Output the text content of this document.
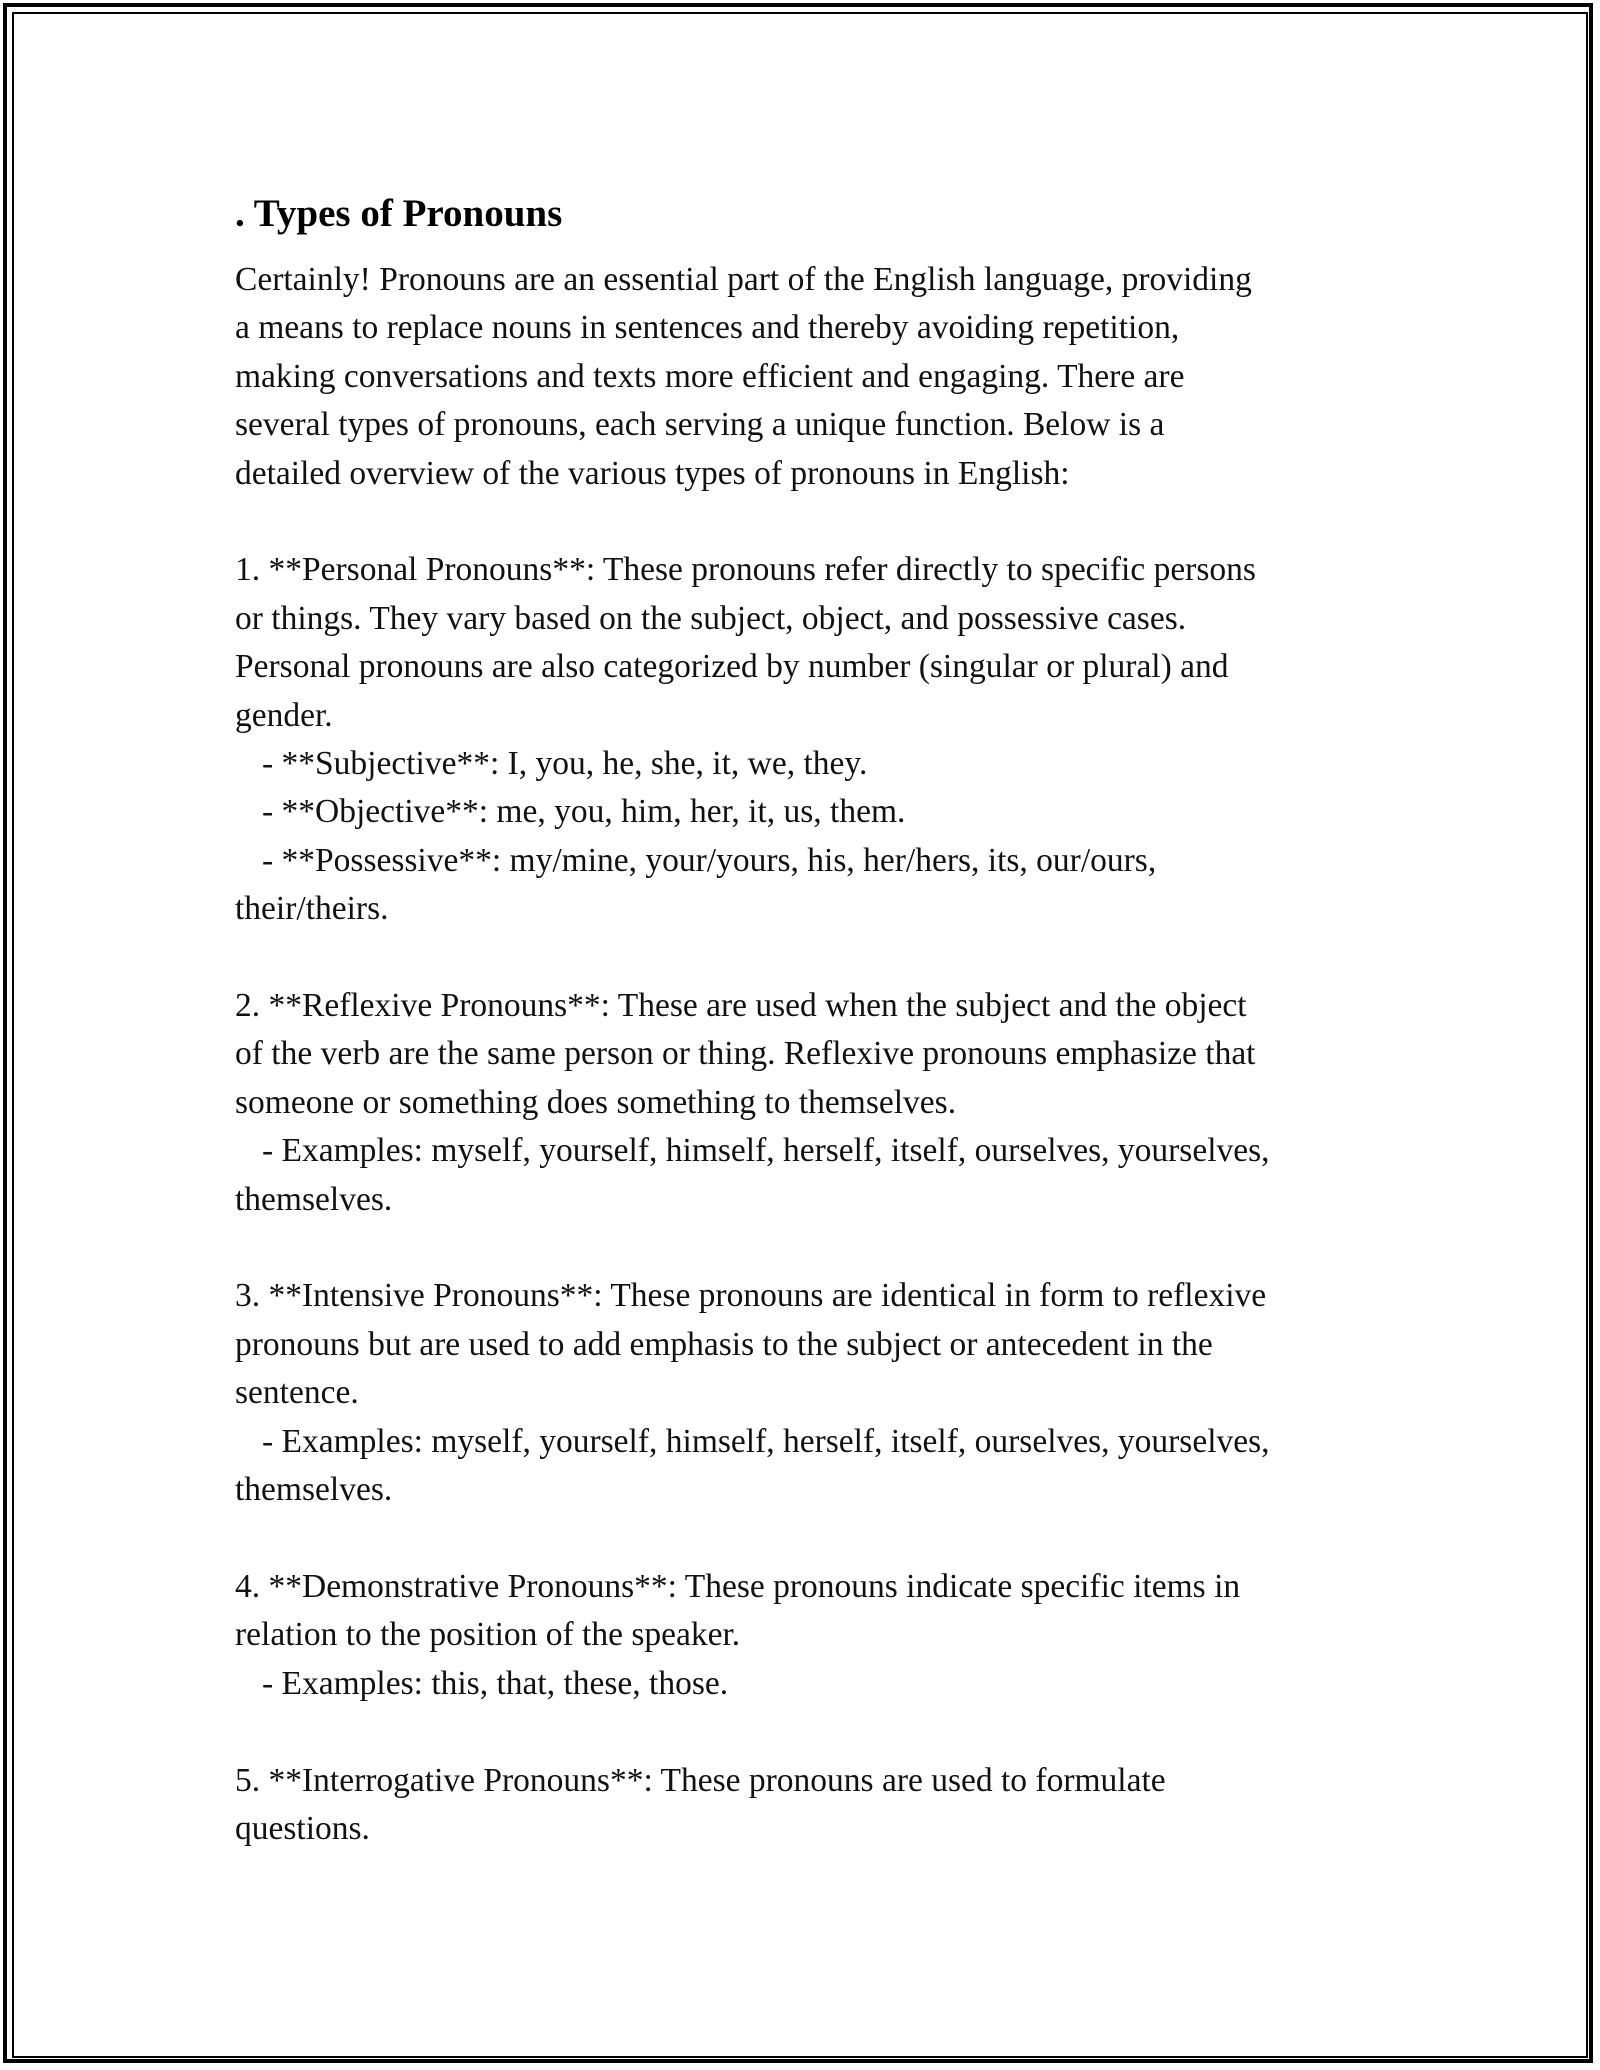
. Types of Pronouns
Certainly! Pronouns are an essential part of the English language, providing
a means to replace nouns in sentences and thereby avoiding repetition,
making conversations and texts more efficient and engaging. There are
several types of pronouns, each serving a unique function. Below is a
detailed overview of the various types of pronouns in English:
1. **Personal Pronouns**: These pronouns refer directly to specific persons
or things. They vary based on the subject, object, and possessive cases.
Personal pronouns are also categorized by number (singular or plural) and
gender.
- **Subjective**: I, you, he, she, it, we, they.
- **Objective**: me, you, him, her, it, us, them.
- **Possessive**: my/mine, your/yours, his, her/hers, its, our/ours,
their/theirs.
2. **Reflexive Pronouns**: These are used when the subject and the object
of the verb are the same person or thing. Reflexive pronouns emphasize that
someone or something does something to themselves.
- Examples: myself, yourself, himself, herself, itself, ourselves, yourselves,
themselves.
3. **Intensive Pronouns**: These pronouns are identical in form to reflexive
pronouns but are used to add emphasis to the subject or antecedent in the
sentence.
- Examples: myself, yourself, himself, herself, itself, ourselves, yourselves,
themselves.
4. **Demonstrative Pronouns**: These pronouns indicate specific items in
relation to the position of the speaker.
- Examples: this, that, these, those.
5. **Interrogative Pronouns**: These pronouns are used to formulate
questions.
